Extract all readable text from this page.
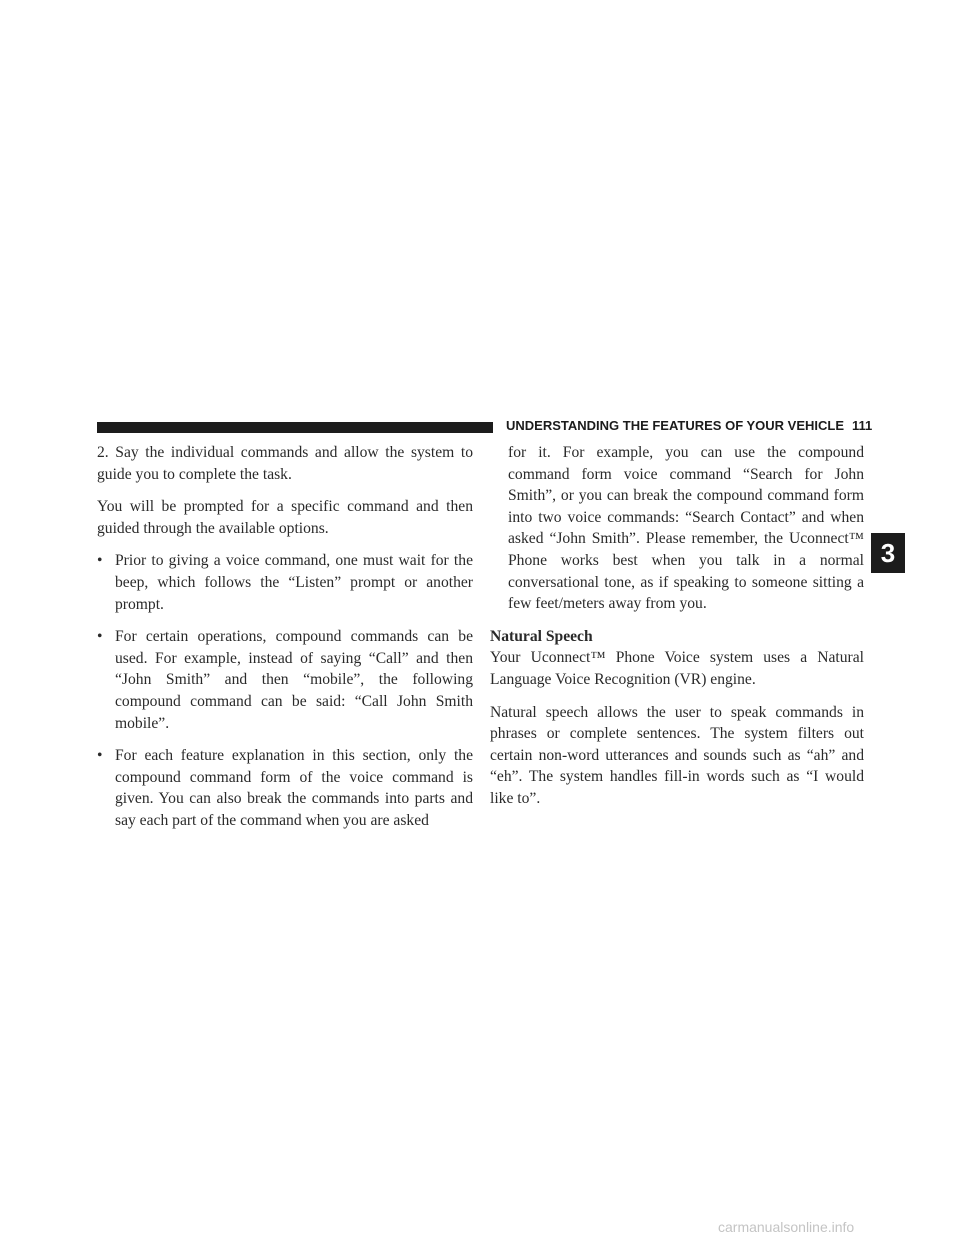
UNDERSTANDING THE FEATURES OF YOUR VEHICLE 111

2. Say the individual commands and allow the system to guide you to complete the task.

You will be prompted for a specific command and then guided through the available options.

• Prior to giving a voice command, one must wait for the beep, which follows the “Listen” prompt or another prompt.
• For certain operations, compound commands can be used. For example, instead of saying “Call” and then “John Smith” and then “mobile”, the following compound command can be said: “Call John Smith mobile”.
• For each feature explanation in this section, only the compound command form of the voice command is given. You can also break the commands into parts and say each part of the command when you are asked
for it. For example, you can use the compound command form voice command “Search for John Smith”, or you can break the compound command form into two voice commands: “Search Contact” and when asked “John Smith”. Please remember, the Uconnect™ Phone works best when you talk in a normal conversational tone, as if speaking to someone sitting a few feet/meters away from you.
Natural Speech

Your Uconnect™ Phone Voice system uses a Natural Language Voice Recognition (VR) engine.

Natural speech allows the user to speak commands in phrases or complete sentences. The system filters out certain non-word utterances and sounds such as “ah” and “eh”. The system handles fill-in words such as “I would like to”.

3
carmanualsonline.info
